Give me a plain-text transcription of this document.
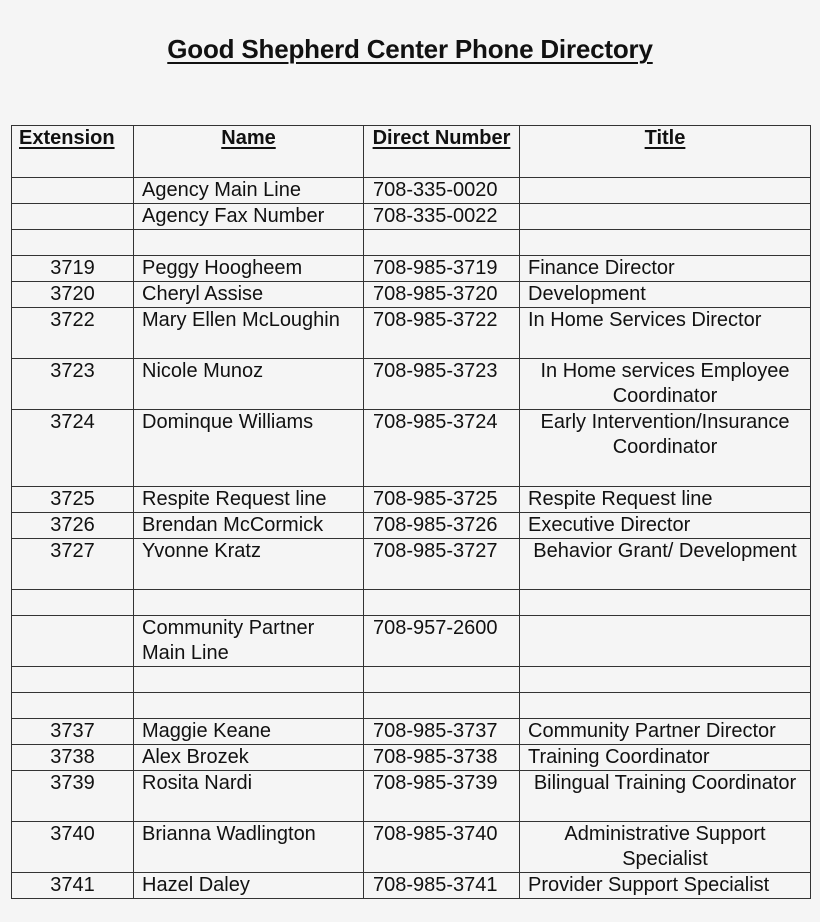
Good Shepherd Center Phone Directory
Extension	Name	Direct Number	Title
	Agency Main Line	708-335-0020	
	Agency Fax Number	708-335-0022	

3719	Peggy Hoogheem	708-985-3719	Finance Director
3720	Cheryl Assise	708-985-3720	Development
3722	Mary Ellen McLoughin	708-985-3722	In Home Services Director
3723	Nicole Munoz	708-985-3723	In Home services Employee Coordinator
3724	Dominque Williams	708-985-3724	Early Intervention/Insurance Coordinator
3725	Respite Request line	708-985-3725	Respite Request line
3726	Brendan McCormick	708-985-3726	Executive Director
3727	Yvonne Kratz	708-985-3727	Behavior Grant/ Development

	Community Partner Main Line	708-957-2600	

3737	Maggie Keane	708-985-3737	Community Partner Director
3738	Alex Brozek	708-985-3738	Training Coordinator
3739	Rosita Nardi	708-985-3739	Bilingual Training Coordinator
3740	Brianna Wadlington	708-985-3740	Administrative Support Specialist
3741	Hazel Daley	708-985-3741	Provider Support Specialist
